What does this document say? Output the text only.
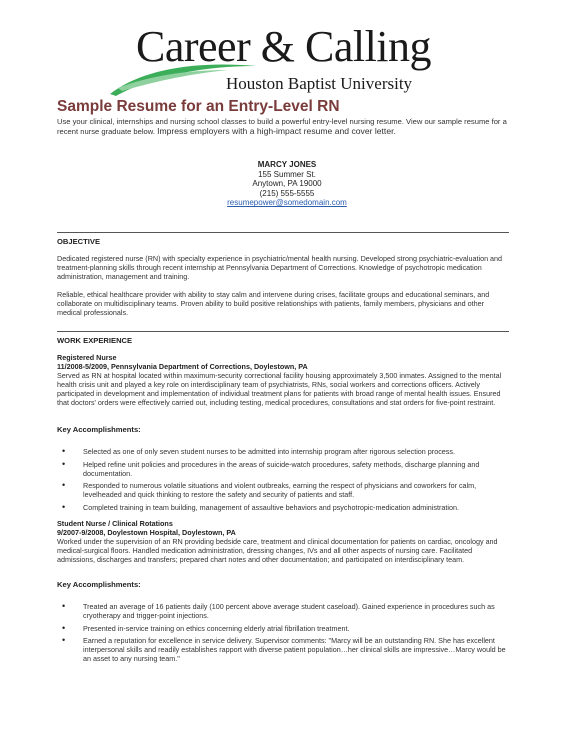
Career & Calling
Houston Baptist University
Sample Resume for an Entry-Level RN
Use your clinical, internships and nursing school classes to build a powerful entry-level nursing resume. View our sample resume for a recent nurse graduate below. Impress employers with a high-impact resume and cover letter.
MARCY JONES
155 Summer St.
Anytown, PA 19000
(215) 555-5555
resumepower@somedomain.com
OBJECTIVE
Dedicated registered nurse (RN) with specialty experience in psychiatric/mental health nursing. Developed strong psychiatric-evaluation and treatment-planning skills through recent internship at Pennsylvania Department of Corrections. Knowledge of psychotropic medication administration, management and training.
Reliable, ethical healthcare provider with ability to stay calm and intervene during crises, facilitate groups and educational seminars, and collaborate on multidisciplinary teams. Proven ability to build positive relationships with patients, family members, physicians and other medical professionals.
WORK EXPERIENCE
Registered Nurse
11/2008-5/2009, Pennsylvania Department of Corrections, Doylestown, PA
Served as RN at hospital located within maximum-security correctional facility housing approximately 3,500 inmates. Assigned to the mental health crisis unit and played a key role on interdisciplinary team of psychiatrists, RNs, social workers and corrections officers. Actively participated in development and implementation of individual treatment plans for patients with broad range of mental health issues. Ensured that doctors' orders were effectively carried out, including testing, medical procedures, consultations and stat orders for five-point restraint.
Key Accomplishments:
• Selected as one of only seven student nurses to be admitted into internship program after rigorous selection process.
• Helped refine unit policies and procedures in the areas of suicide-watch procedures, safety methods, discharge planning and documentation.
• Responded to numerous volatile situations and violent outbreaks, earning the respect of physicians and coworkers for calm, levelheaded and quick thinking to restore the safety and security of patients and staff.
• Completed training in team building, management of assaultive behaviors and psychotropic-medication administration.
Student Nurse / Clinical Rotations
9/2007-9/2008, Doylestown Hospital, Doylestown, PA
Worked under the supervision of an RN providing bedside care, treatment and clinical documentation for patients on cardiac, oncology and medical-surgical floors. Handled medication administration, dressing changes, IVs and all other aspects of nursing care. Facilitated admissions, discharges and transfers; prepared chart notes and other documentation; and participated on interdisciplinary team.
Key Accomplishments:
• Treated an average of 16 patients daily (100 percent above average student caseload). Gained experience in procedures such as cryotherapy and trigger-point injections.
• Presented in-service training on ethics concerning elderly atrial fibrillation treatment.
• Earned a reputation for excellence in service delivery. Supervisor comments: "Marcy will be an outstanding RN. She has excellent interpersonal skills and readily establishes rapport with diverse patient population…her clinical skills are impressive…Marcy would be an asset to any nursing team."
